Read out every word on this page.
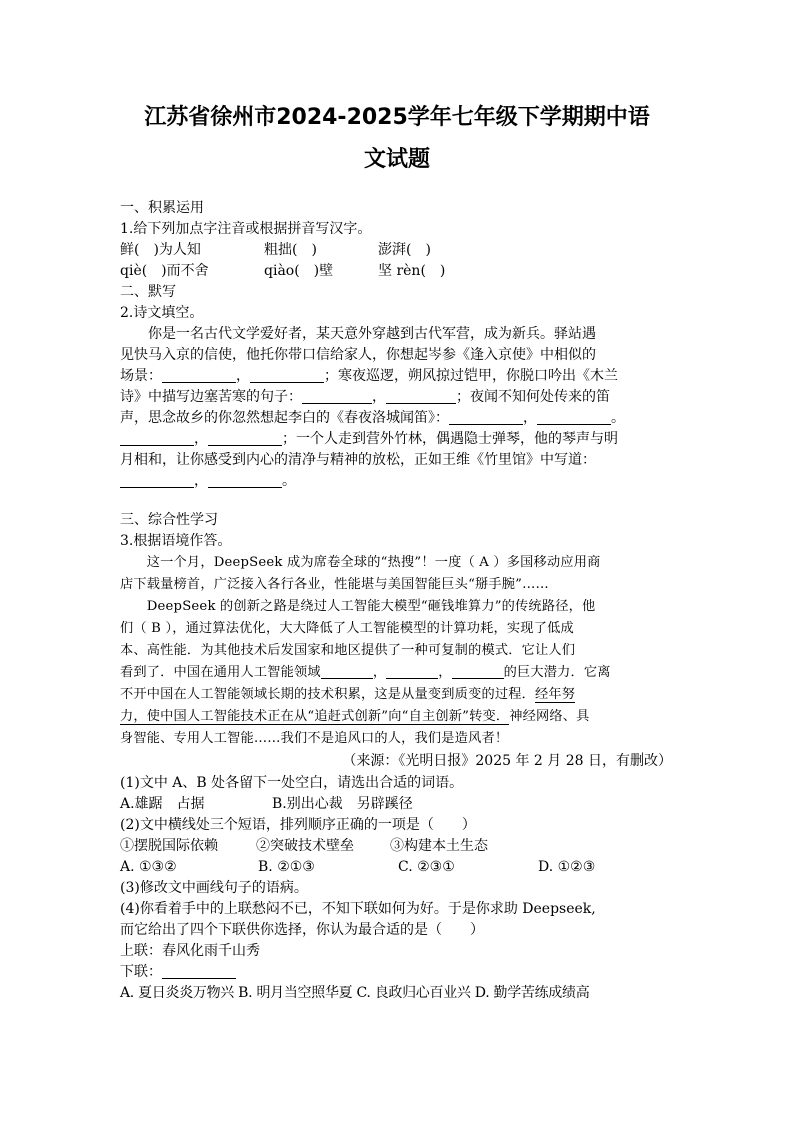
江苏省徐州市2024-2025学年七年级下学期期中语
文试题
一、积累运用
1.给下列加点字注音或根据拼音写汉字。
鲜(　)为人知	粗拙(　)	澎湃(　)
qiè(　)而不舍	qiào(　)壁	坚 rèn(　)
二、默写
2.诗文填空。
　　你是一名古代文学爱好者，某天意外穿越到古代军营，成为新兵。驿站遇
见快马入京的信使，他托你带口信给家人，你想起岑参《逢入京使》中相似的
场景：	，	；寒夜巡逻，朔风掠过铠甲，你脱口吟出《木兰
诗》中描写边塞苦寒的句子：	，	；夜闻不知何处传来的笛
声，思念故乡的你忽然想起李白的《春夜洛城闻笛》：	，	。
，	；一个人走到营外竹林，偶遇隐士弹琴，他的琴声与明
月相和，让你感受到内心的清净与精神的放松，正如王维《竹里馆》中写道：
，	。
三、综合性学习
3.根据语境作答。
　　这一个月，DeepSeek 成为席卷全球的“热搜”！一度（ A ）多国移动应用商
店下载量榜首，广泛接入各行各业，性能堪与美国智能巨头“掰手腕”……
　　DeepSeek 的创新之路是绕过人工智能大模型“砸钱堆算力”的传统路径，他
们（ B ），通过算法优化，大大降低了人工智能模型的计算功耗，实现了低成
本、高性能．为其他技术后发国家和地区提供了一种可复制的模式．它让人们
看到了．中国在通用人工智能领域	，	，	的巨大潜力．它离
不开中国在人工智能领域长期的技术积累，这是从量变到质变的过程．经年努
力，使中国人工智能技术正在从“追赶式创新”向“自主创新”转变．神经网络、具
身智能、专用人工智能……我们不是追风口的人，我们是造风者！
（来源：《光明日报》2025 年 2 月 28 日，有删改）
(1)文中 A、B 处各留下一处空白，请选出合适的词语。
A.雄踞　占据	B.别出心裁　另辟蹊径
(2)文中横线处三个短语，排列顺序正确的一项是（　　）
①摆脱国际依赖	②突破技术壁垒	③构建本土生态
A. ①③②	B. ②①③	C. ②③①	D. ①②③
(3)修改文中画线句子的语病。
(4)你看着手中的上联愁闷不已，不知下联如何为好。于是你求助 Deepseek,
而它给出了四个下联供你选择，你认为最合适的是（　　）
上联：春风化雨千山秀
下联：
A. 夏日炎炎万物兴 B. 明月当空照华夏 C. 良政归心百业兴 D. 勤学苦练成绩高
